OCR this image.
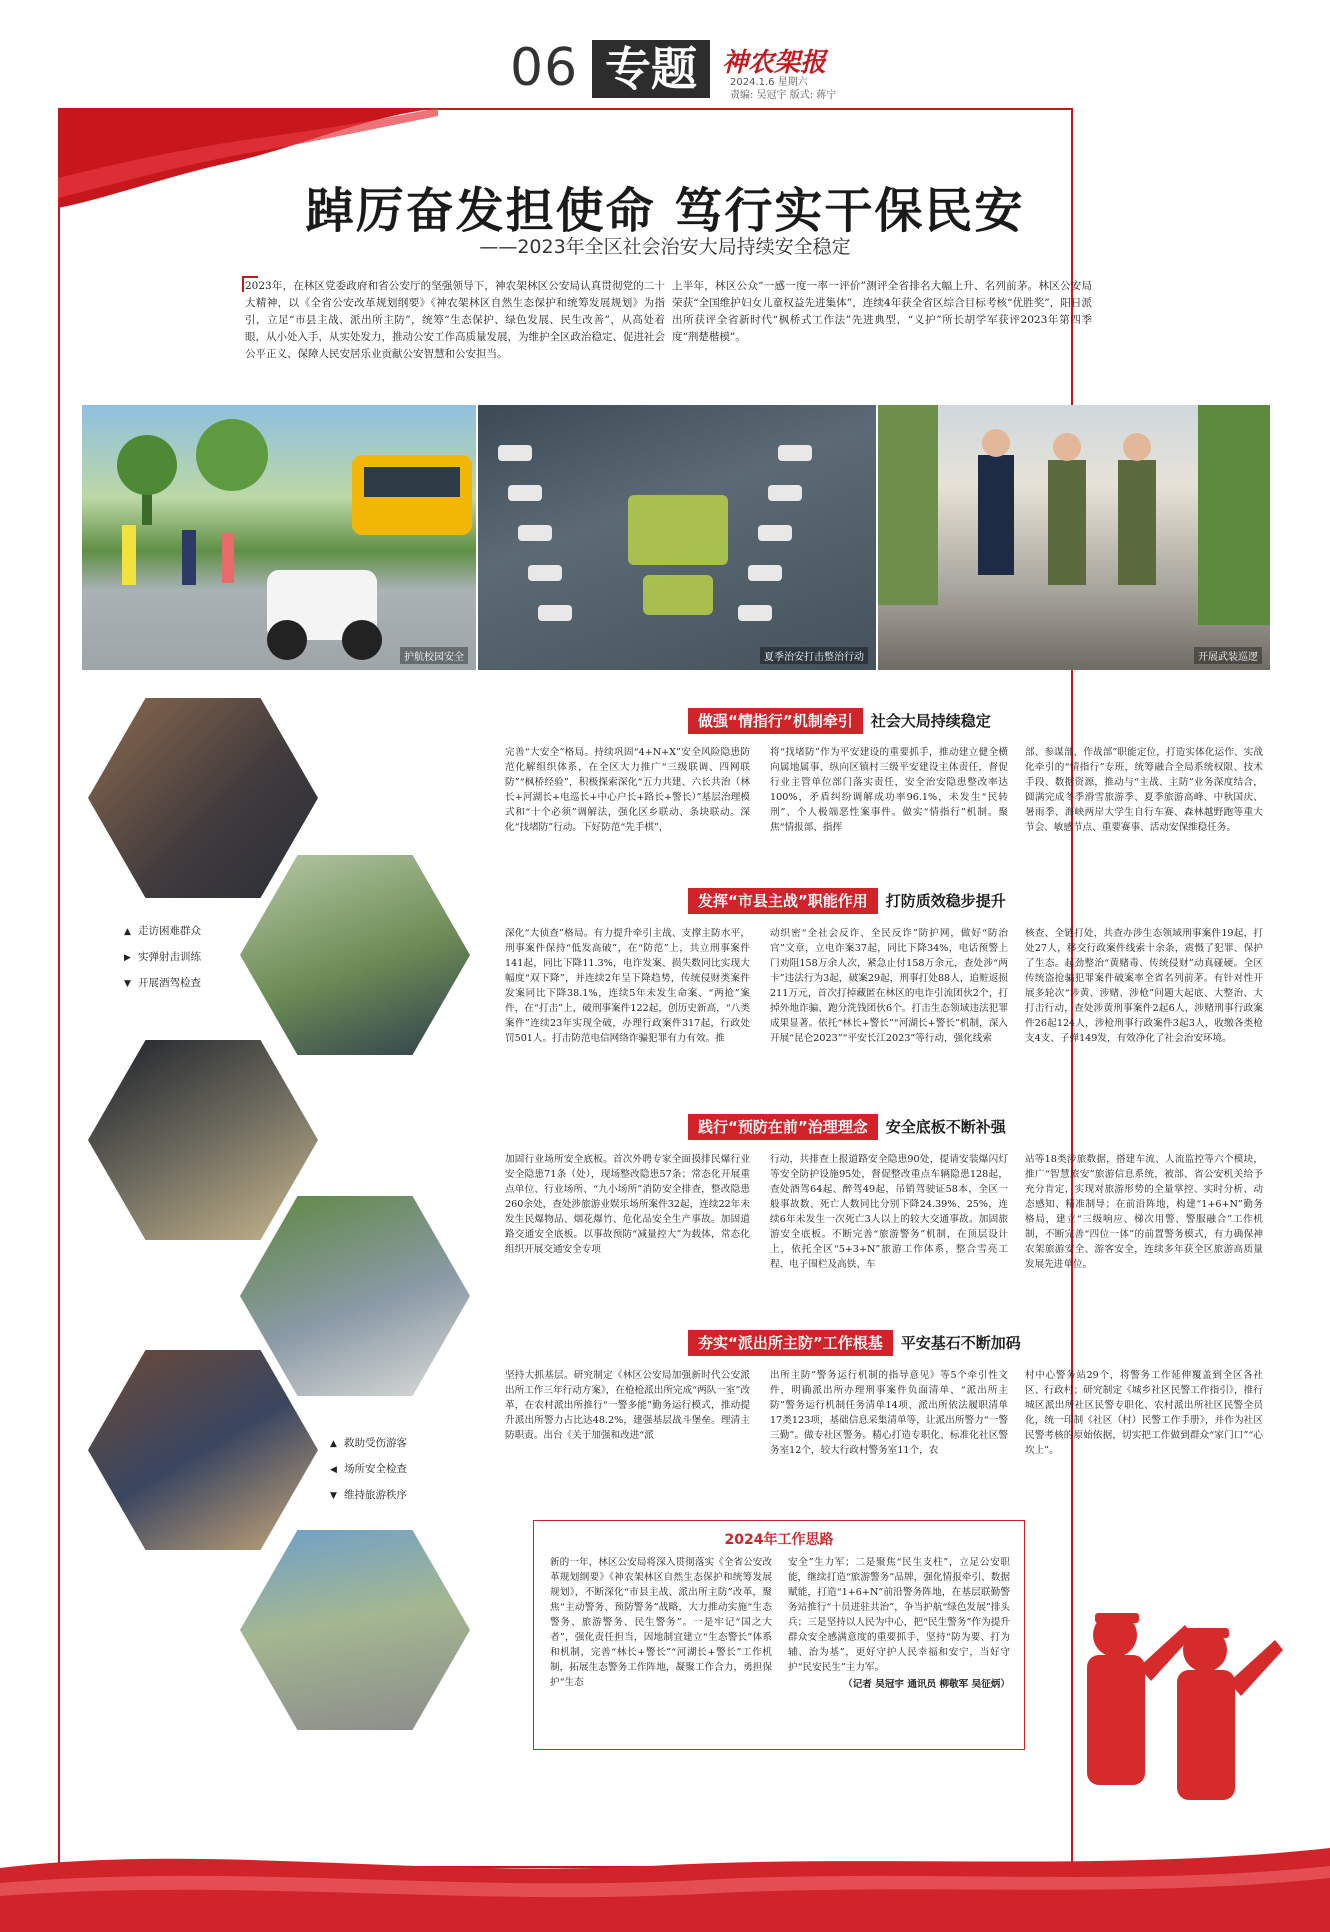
06 专题 神农架报
2024.1.6 星期六
责编: 吴冠宇 版式: 蒋宁
踔厉奋发担使命 笃行实干保民安
——2023年全区社会治安大局持续安全稳定
2023年，在林区党委政府和省公安厅的坚强领导下，神农架林区公安局认真贯彻党的二十大精神，以《全省公安改革规划纲要》《神农架林区自然生态保护和统筹发展规划》为指引，立足“市县主战、派出所主防”，统筹“生态保护、绿色发展、民生改善”，从高处着眼，从小处入手，从实处发力，推动公安工作高质量发展，为维护全区政治稳定、促进社会公平正义、保障人民安居乐业贡献公安智慧和公安担当。
上半年，林区公众“一感一度一率一评价”测评全省排名大幅上升、名列前茅。林区公安局荣获“全国维护妇女儿童权益先进集体”，连续4年获全省区综合目标考核“优胜奖”，阳日派出所获评全省新时代“枫桥式工作法”先进典型，“义护”所长胡学军获评2023年第四季度“荆楚楷模”。
护航校园安全	夏季治安打击整治行动	开展武装巡逻
▲ 走访困难群众
▶ 实弹射击训练
▼ 开展酒驾检查
▲ 救助受伤游客
◀ 场所安全检查
▼ 维持旅游秩序
做强“情指行”机制牵引 社会大局持续稳定
完善“大安全”格局。持续巩固“4+N+X”安全风险隐患防范化解组织体系，在全区大力推广“三级联调、四网联防”“枫桥经验”，积极探索深化“五力共建、六长共治（林长+河湖长+电巡长+中心户长+路长+警长）”基层治理模式和“十个必须”调解法，强化区乡联动、条块联动。深化“找堵防”行动。下好防范“先手棋”，
将“找堵防”作为平安建设的重要抓手，推动建立健全横向属地属事、纵向区镇村三级平安建设主体责任，督促行业主管单位部门落实责任，安全治安隐患整改率达100%，矛盾纠纷调解成功率96.1%，未发生“民转刑”、个人极端恶性案事件。做实“情指行”机制。聚焦“情报部、指挥
部、参谋部、作战部”职能定位，打造实体化运作、实战化牵引的“情指行”专班，统筹融合全局系统权限、技术手段、数据资源，推动与“主战、主防”业务深度结合，圆满完成冬季滑雪旅游季、夏季旅游高峰、中秋国庆、暑雨季、海峡两岸大学生自行车赛、森林越野跑等重大节会、敏感节点、重要赛事、活动安保维稳任务。
发挥“市县主战”职能作用 打防质效稳步提升
深化“大侦查”格局。有力提升牵引主战、支撑主防水平，刑事案件保持“低发高破”，在“防范”上，共立刑事案件141起，同比下降11.3%，电诈发案、损失数同比实现大幅度“双下降”，并连续2年呈下降趋势，传统侵财类案件发案同比下降38.1%，连续5年未发生命案、“两抢”案件，在“打击”上，破刑事案件122起，创历史新高，“八类案件”连续23年实现全破，办理行政案件317起，行政处罚501人。打击防范电信网络诈骗犯罪有力有效。推
动织密“全社会反诈、全民反诈”防护网，做好“防治官”文章，立电诈案37起，同比下降34%，电话预警上门劝阻158万余人次，紧急止付158万余元，查处涉“两卡”违法行为3起，破案29起，刑事打处88人，追赃返损211万元，首次打掉藏匿在林区的电诈引流团伙2个，打掉外地诈骗、跑分洗钱团伙6个。打击生态领域违法犯罪成果显著。依托“林长+警长”“河湖长+警长”机制，深入开展“昆仑2023”“平安长江2023”等行动，强化线索
核查、全链打处，共查办涉生态领域刑事案件19起，打处27人，移交行政案件线索十余条，震慑了犯罪、保护了生态。起劲整治“黄赌毒、传统侵财”动真碰硬。全区传统盗抢骗犯罪案件破案率全省名列前茅。有针对性开展多轮次“涉黄、涉赌、涉枪”问题大起底、大整治、大打击行动，查处涉黄刑事案件2起6人，涉赌刑事行政案件26起124人，涉枪刑事行政案件3起3人，收缴各类枪支4支、子弹149发，有效净化了社会治安环境。
践行“预防在前”治理理念 安全底板不断补强
加固行业场所安全底板。首次外聘专家全面摸排民爆行业安全隐患71条（处），现场整改隐患57条；常态化开展重点单位、行业场所、“九小场所”消防安全排查，整改隐患260余处，查处涉旅游业娱乐场所案件32起，连续22年未发生民爆物品、烟花爆竹、危化品安全生产事故。加固道路交通安全底板。以事故预防“减量控大”为载体，常态化组织开展交通安全专项
行动，共排查上报道路安全隐患90处，提请安装爆闪灯等安全防护设施95处，督促整改重点车辆隐患128起，查处酒驾64起、醉驾49起，吊销驾驶证58本，全区一般事故数、死亡人数同比分别下降24.39%、25%，连续6年未发生一次死亡3人以上的较大交通事故。加固旅游安全底板。不断完善“旅游警务”机制，在顶层设计上，依托全区“5+3+N”旅游工作体系，整合雪亮工程、电子围栏及高铁、车
站等18类涉旅数据，搭建车流、人流监控等六个模块，推广“智慧旅安”旅游信息系统，被部、省公安机关给予充分肯定，实现对旅游形势的全量掌控、实时分析、动态感知、精准制导；在前沿阵地，构建“1+6+N”勤务格局，建立“三级响应、梯次用警、警服融合”工作机制，不断完善“四位一体”的前置警务模式，有力确保神农架旅游安全、游客安全，连续多年获全区旅游高质量发展先进单位。
夯实“派出所主防”工作根基 平安基石不断加码
坚持大抓基层。研究制定《林区公安局加强新时代公安派出所工作三年行动方案》，在枪枪派出所完成“两队一室”改革，在农村派出所推行“一警多能”勤务运行模式，推动提升派出所警力占比达48.2%，建强基层战斗堡垒。理清主防职责。出台《关于加强和改进“派
出所主防”警务运行机制的指导意见》等5个牵引性文件，明确派出所办理刑事案件负面清单、“派出所主防”警务运行机制任务清单14项、派出所依法履职清单17类123项，基础信息采集清单等，让派出所警力“一警三勤”。做专社区警务。精心打造专职化、标准化社区警务室12个，较大行政村警务室11个，农
村中心警务站29个，将警务工作延伸覆盖到全区各社区、行政村；研究制定《城乡社区民警工作指引》，推行城区派出所社区民警专职化、农村派出所社区民警全员化，统一印制《社区（村）民警工作手册》，并作为社区民警考核的原始依据，切实把工作做到群众“家门口”“心坎上”。
2024年工作思路
新的一年，林区公安局将深入贯彻落实《全省公安改革规划纲要》《神农架林区自然生态保护和统筹发展规划》，不断深化“市县主战、派出所主防”改革，聚焦“主动警务、预防警务”战略，大力推动实施“生态警务、旅游警务、民生警务”。一是牢记“国之大者”，强化责任担当，因地制宜建立“生态警长”体系和机制，完善“林长+警长”“河湖长+警长”工作机制，拓展生态警务工作阵地，凝聚工作合力，勇担保护“生态
安全”生力军；二是聚焦“民生支柱”，立足公安职能，继续打造“旅游警务”品牌，强化情报牵引、数据赋能，打造“1+6+N”前沿警务阵地，在基层联勤警务站推行“十员进驻共治”，争当护航“绿色发展”排头兵；三是坚持以人民为中心，把“民生警务”作为提升群众安全感满意度的重要抓手，坚持“防为要、打为辅、治为基”，更好守护人民幸福和安宁，当好守护“民安民生”主力军。
（记者 吴冠宇 通讯员 柳敬军 吴征炳）
